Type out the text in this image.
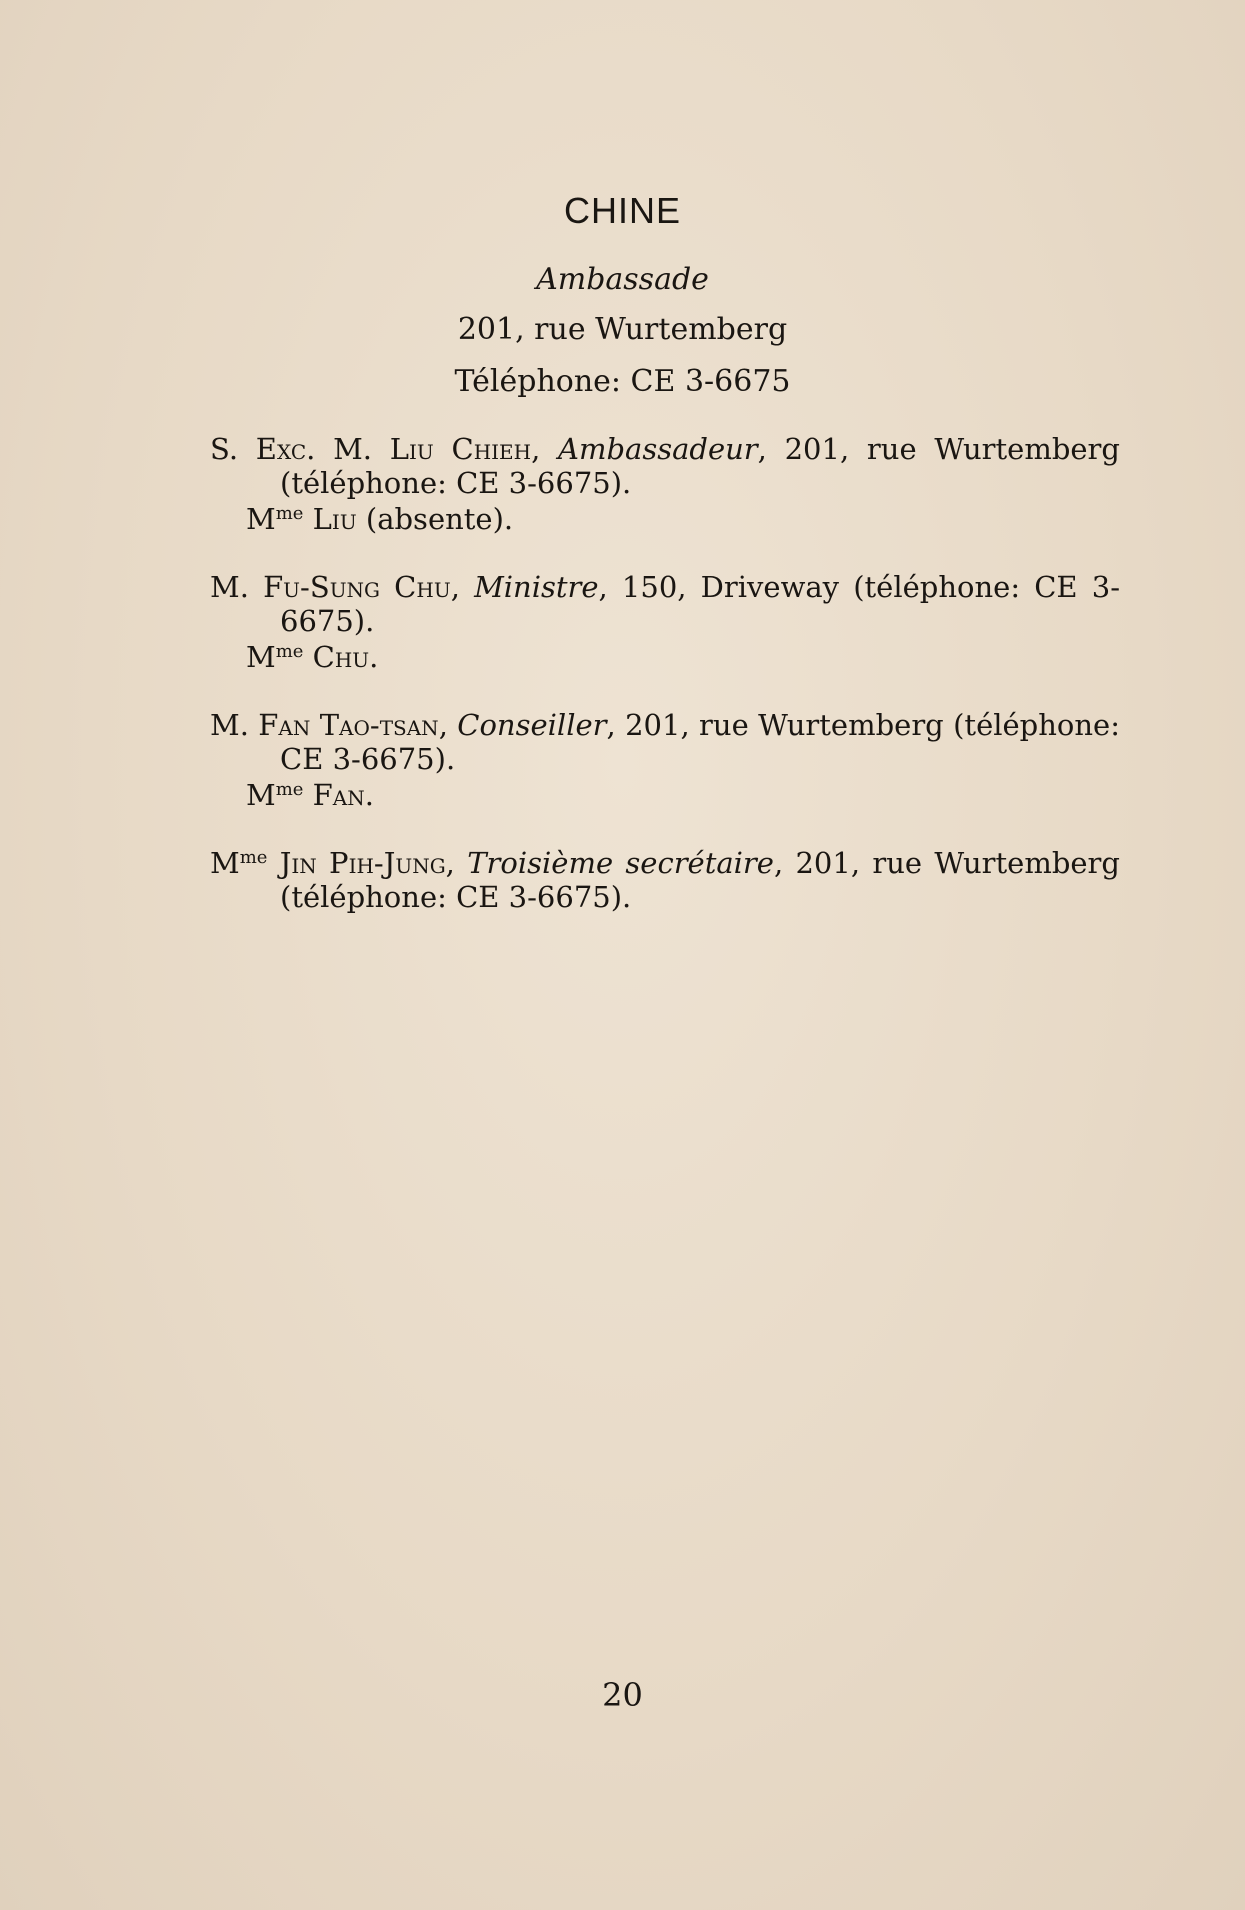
CHINE
Ambassade
201, rue Wurtemberg
Téléphone: CE 3-6675
S. Exc. M. Liu Chieh, Ambassadeur, 201, rue Wurtemberg (téléphone: CE 3-6675).
$M^{me}$ Liu (absente).
M. Fu-Sung Chu, Ministre, 150, Driveway (téléphone: CE 3-6675).
$M^{me}$ Chu.
M. Fan Tao-tsan, Conseiller, 201, rue Wurtemberg (téléphone: CE 3-6675).
$M^{me}$ Fan.
$M^{me}$ Jin Pih-Jung, Troisième secrétaire, 201, rue Wurtemberg (téléphone: CE 3-6675).
20
